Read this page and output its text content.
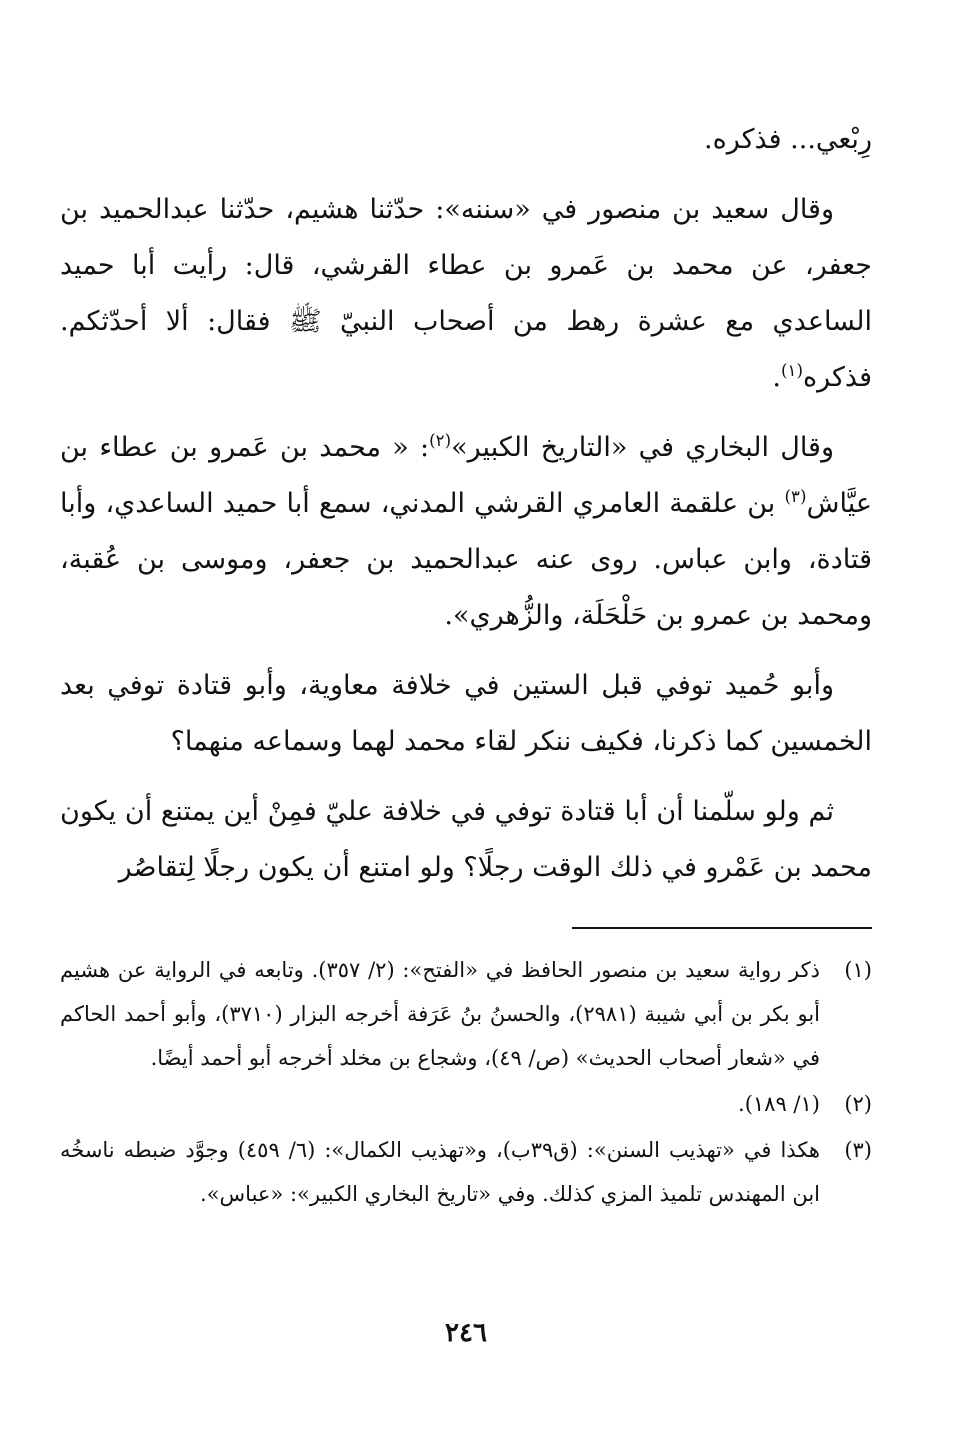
رِبْعي... فذكره.

وقال سعيد بن منصور في «سننه»: حدّثنا هشيم، حدّثنا عبدالحميد بن جعفر، عن محمد بن عَمرو بن عطاء القرشي، قال: رأيت أبا حميد الساعدي مع عشرة رهط من أصحاب النبيّ ﷺ فقال: ألا أحدّثكم. فذكره$^{(١)}$.

وقال البخاري في «التاريخ الكبير»$^{(٢)}$: « محمد بن عَمرو بن عطاء بن عيَّاش$^{(٣)}$ بن علقمة العامري القرشي المدني، سمع أبا حميد الساعدي، وأبا قتادة، وابن عباس. روى عنه عبدالحميد بن جعفر، وموسى بن عُقبة، ومحمد بن عمرو بن حَلْحَلَة، والزُّهري».

وأبو حُميد توفي قبل الستين في خلافة معاوية، وأبو قتادة توفي بعد الخمسين كما ذكرنا، فكيف ننكر لقاء محمد لهما وسماعه منهما؟

ثم ولو سلّمنا أن أبا قتادة توفي في خلافة عليّ فمِنْ أين يمتنع أن يكون محمد بن عَمْرو في ذلك الوقت رجلًا؟ ولو امتنع أن يكون رجلًا لِتقاصُر

(١)
ذكر رواية سعيد بن منصور الحافظ في «الفتح»: (٢/ ٣٥٧). وتابعه في الرواية عن هشيم أبو بكر بن أبي شيبة (٢٩٨١)، والحسنُ بنُ عَرَفة أخرجه البزار (٣٧١٠)، وأبو أحمد الحاكم في «شعار أصحاب الحديث» (ص/ ٤٩)، وشجاع بن مخلد أخرجه أبو أحمد أيضًا.
(٢)
(١/ ١٨٩).
(٣)
هكذا في «تهذيب السنن»: (ق٣٩ب)، و«تهذيب الكمال»: (٦/ ٤٥٩) وجوَّد ضبطه ناسخُه ابن المهندس تلميذ المزي كذلك. وفي «تاريخ البخاري الكبير»: «عباس».
٢٤٦
